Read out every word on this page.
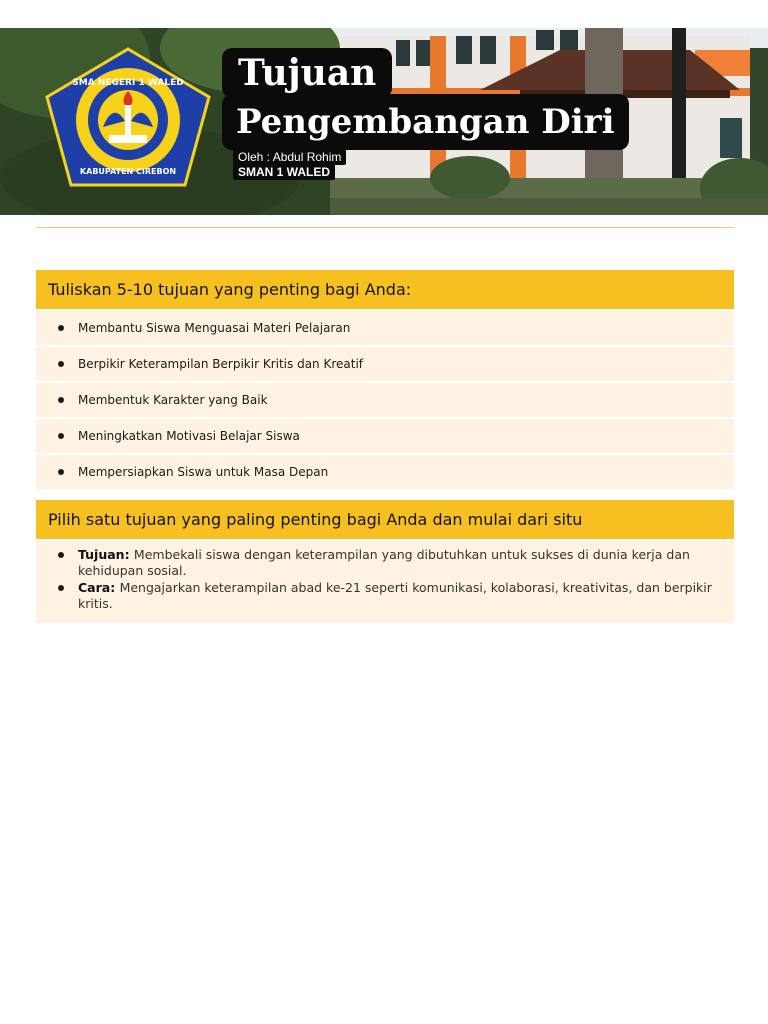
SMA NEGERI 1 WALED
KABUPATEN CIREBON
Tujuan
Pengembangan Diri
Oleh : Abdul Rohim
SMAN 1 WALED
Tuliskan 5-10 tujuan yang penting bagi Anda:
Membantu Siswa Menguasai Materi Pelajaran
Berpikir Keterampilan Berpikir Kritis dan Kreatif
Membentuk Karakter yang Baik
Meningkatkan Motivasi Belajar Siswa
Mempersiapkan Siswa untuk Masa Depan
Pilih satu tujuan yang paling penting bagi Anda dan mulai dari situ
Tujuan: Membekali siswa dengan keterampilan yang dibutuhkan untuk sukses di dunia kerja dan kehidupan sosial.
Cara: Mengajarkan keterampilan abad ke-21 seperti komunikasi, kolaborasi, kreativitas, dan berpikir kritis.
